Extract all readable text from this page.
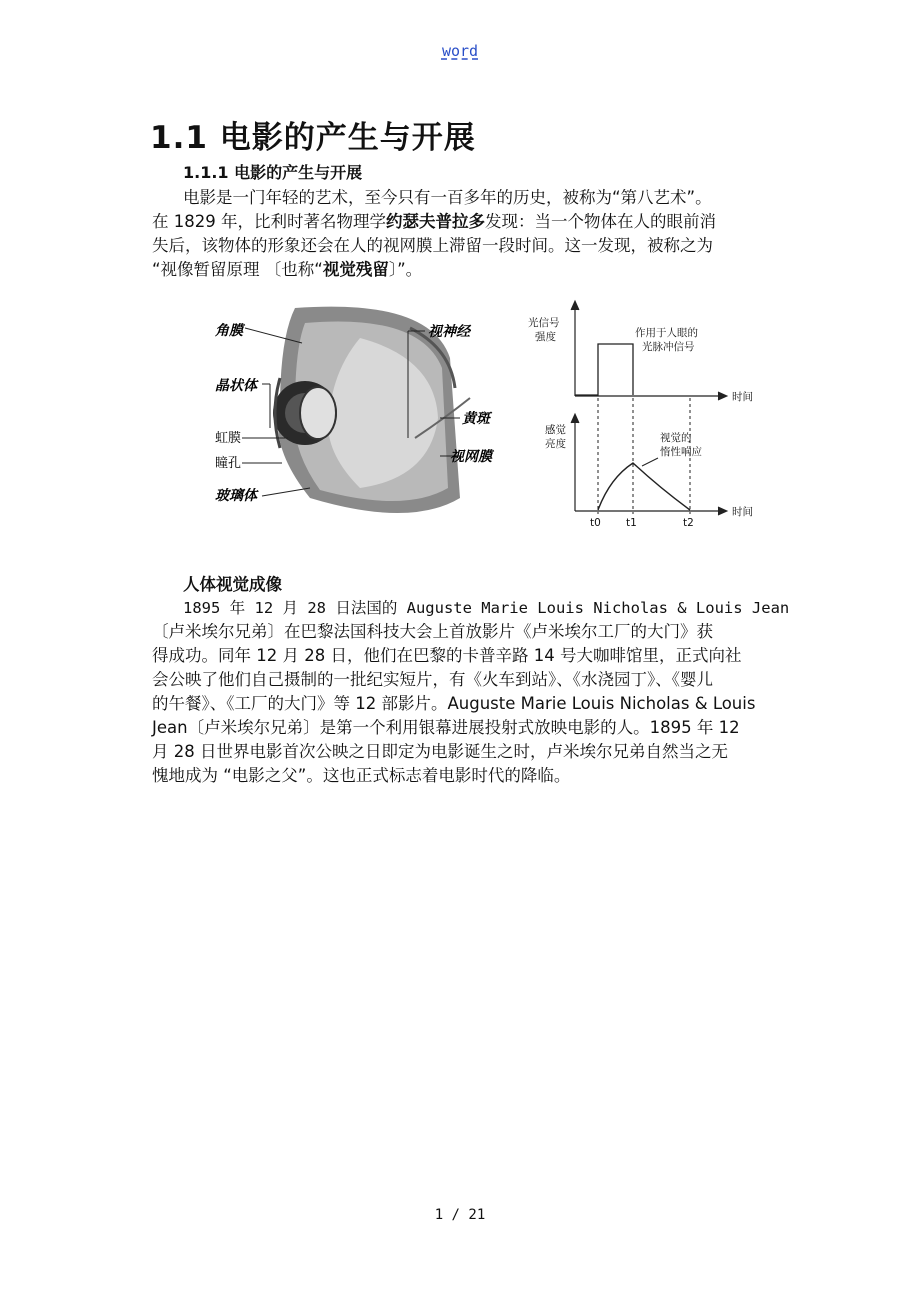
word
1.1 电影的产生与开展
1.1.1 电影的产生与开展
电影是一门年轻的艺术，至今只有一百多年的历史，被称为“第八艺术”。
在 1829 年，比利时著名物理学约瑟夫普拉多发现：当一个物体在人的眼前消
失后，该物体的形象还会在人的视网膜上滞留一段时间。这一发现，被称之为
“视像暂留原理 〔也称“视觉残留〕”。
角膜
晶状体
虹膜
瞳孔
玻璃体
视神经
黄斑
视网膜
光信号
强度	作用于人眼的
光脉冲信号
时间
感觉
亮度	视觉的
惰性响应
时间
t0 t1	t2
人体视觉成像
1895 年 12 月 28 日法国的 Auguste Marie Louis Nicholas & Louis Jean
〔卢米埃尔兄弟〕在巴黎法国科技大会上首放影片《卢米埃尔工厂的大门》获
得成功。同年 12 月 28 日，他们在巴黎的卡普辛路 14 号大咖啡馆里，正式向社
会公映了他们自己摄制的一批纪实短片，有《火车到站》、《水浇园丁》、《婴儿
的午餐》、《工厂的大门》等 12 部影片。Auguste Marie Louis Nicholas & Louis
Jean〔卢米埃尔兄弟〕是第一个利用银幕进展投射式放映电影的人。1895 年 12
月 28 日世界电影首次公映之日即定为电影诞生之时，卢米埃尔兄弟自然当之无
愧地成为 “电影之父”。这也正式标志着电影时代的降临。
1 / 21
